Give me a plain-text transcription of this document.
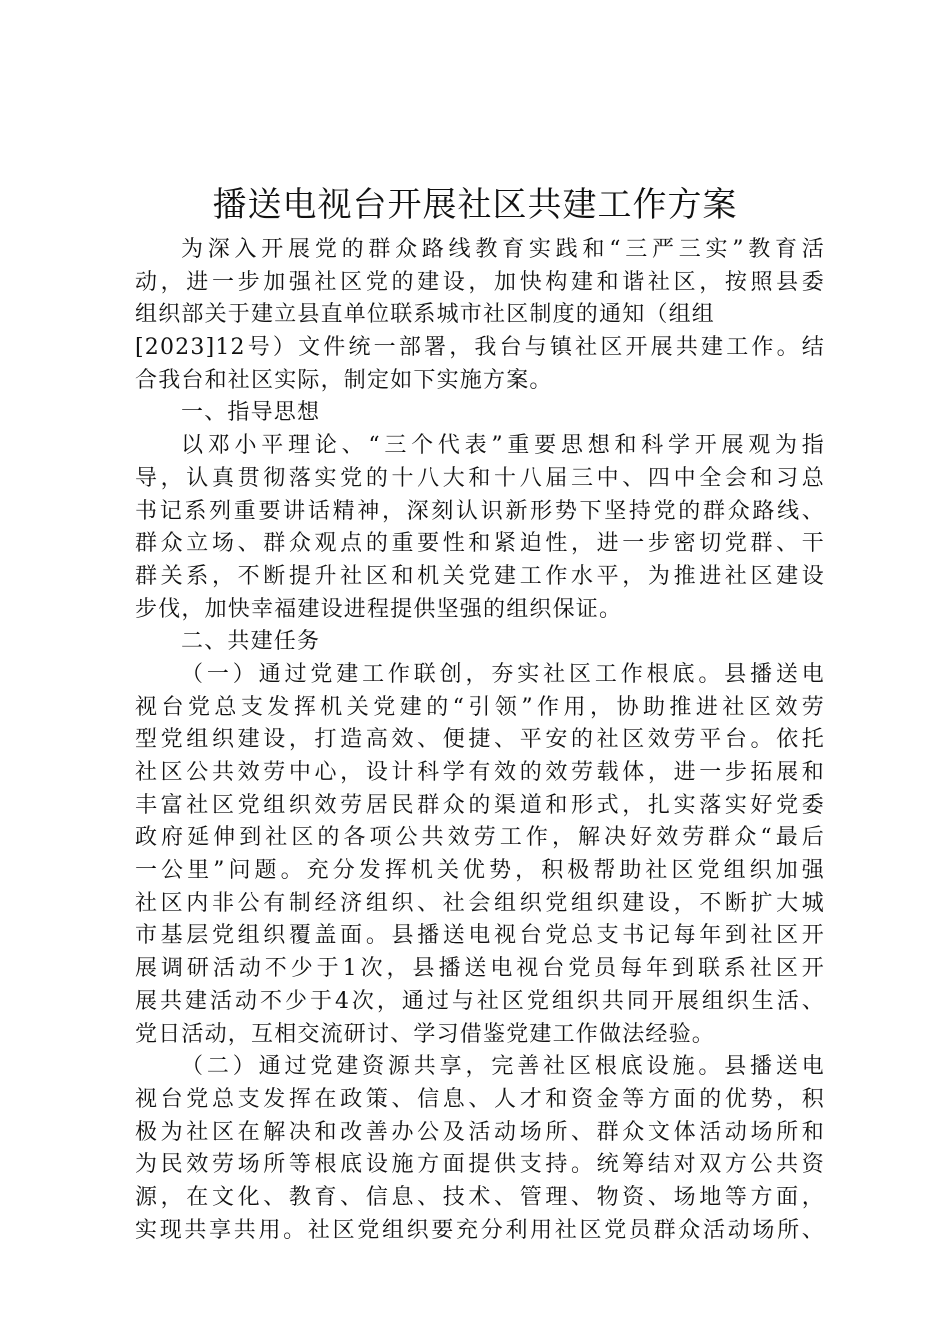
播送电视台开展社区共建工作方案
为深入开展党的群众路线教育实践和“三严三实”教育活
动，进一步加强社区党的建设，加快构建和谐社区，按照县委
组织部关于建立县直单位联系城市社区制度的通知（组组
[2023]12号）文件统一部署，我台与镇社区开展共建工作。结
合我台和社区实际，制定如下实施方案。
一、指导思想
以邓小平理论、“三个代表”重要思想和科学开展观为指
导，认真贯彻落实党的十八大和十八届三中、四中全会和习总
书记系列重要讲话精神，深刻认识新形势下坚持党的群众路线、
群众立场、群众观点的重要性和紧迫性，进一步密切党群、干
群关系，不断提升社区和机关党建工作水平，为推进社区建设
步伐，加快幸福建设进程提供坚强的组织保证。
二、共建任务
（一）通过党建工作联创，夯实社区工作根底。县播送电
视台党总支发挥机关党建的“引领”作用，协助推进社区效劳
型党组织建设，打造高效、便捷、平安的社区效劳平台。依托
社区公共效劳中心，设计科学有效的效劳载体，进一步拓展和
丰富社区党组织效劳居民群众的渠道和形式，扎实落实好党委
政府延伸到社区的各项公共效劳工作，解决好效劳群众“最后
一公里”问题。充分发挥机关优势，积极帮助社区党组织加强
社区内非公有制经济组织、社会组织党组织建设，不断扩大城
市基层党组织覆盖面。县播送电视台党总支书记每年到社区开
展调研活动不少于1次，县播送电视台党员每年到联系社区开
展共建活动不少于4次，通过与社区党组织共同开展组织生活、
党日活动，互相交流研讨、学习借鉴党建工作做法经验。
（二）通过党建资源共享，完善社区根底设施。县播送电
视台党总支发挥在政策、信息、人才和资金等方面的优势，积
极为社区在解决和改善办公及活动场所、群众文体活动场所和
为民效劳场所等根底设施方面提供支持。统筹结对双方公共资
源，在文化、教育、信息、技术、管理、物资、场地等方面，
实现共享共用。社区党组织要充分利用社区党员群众活动场所、
